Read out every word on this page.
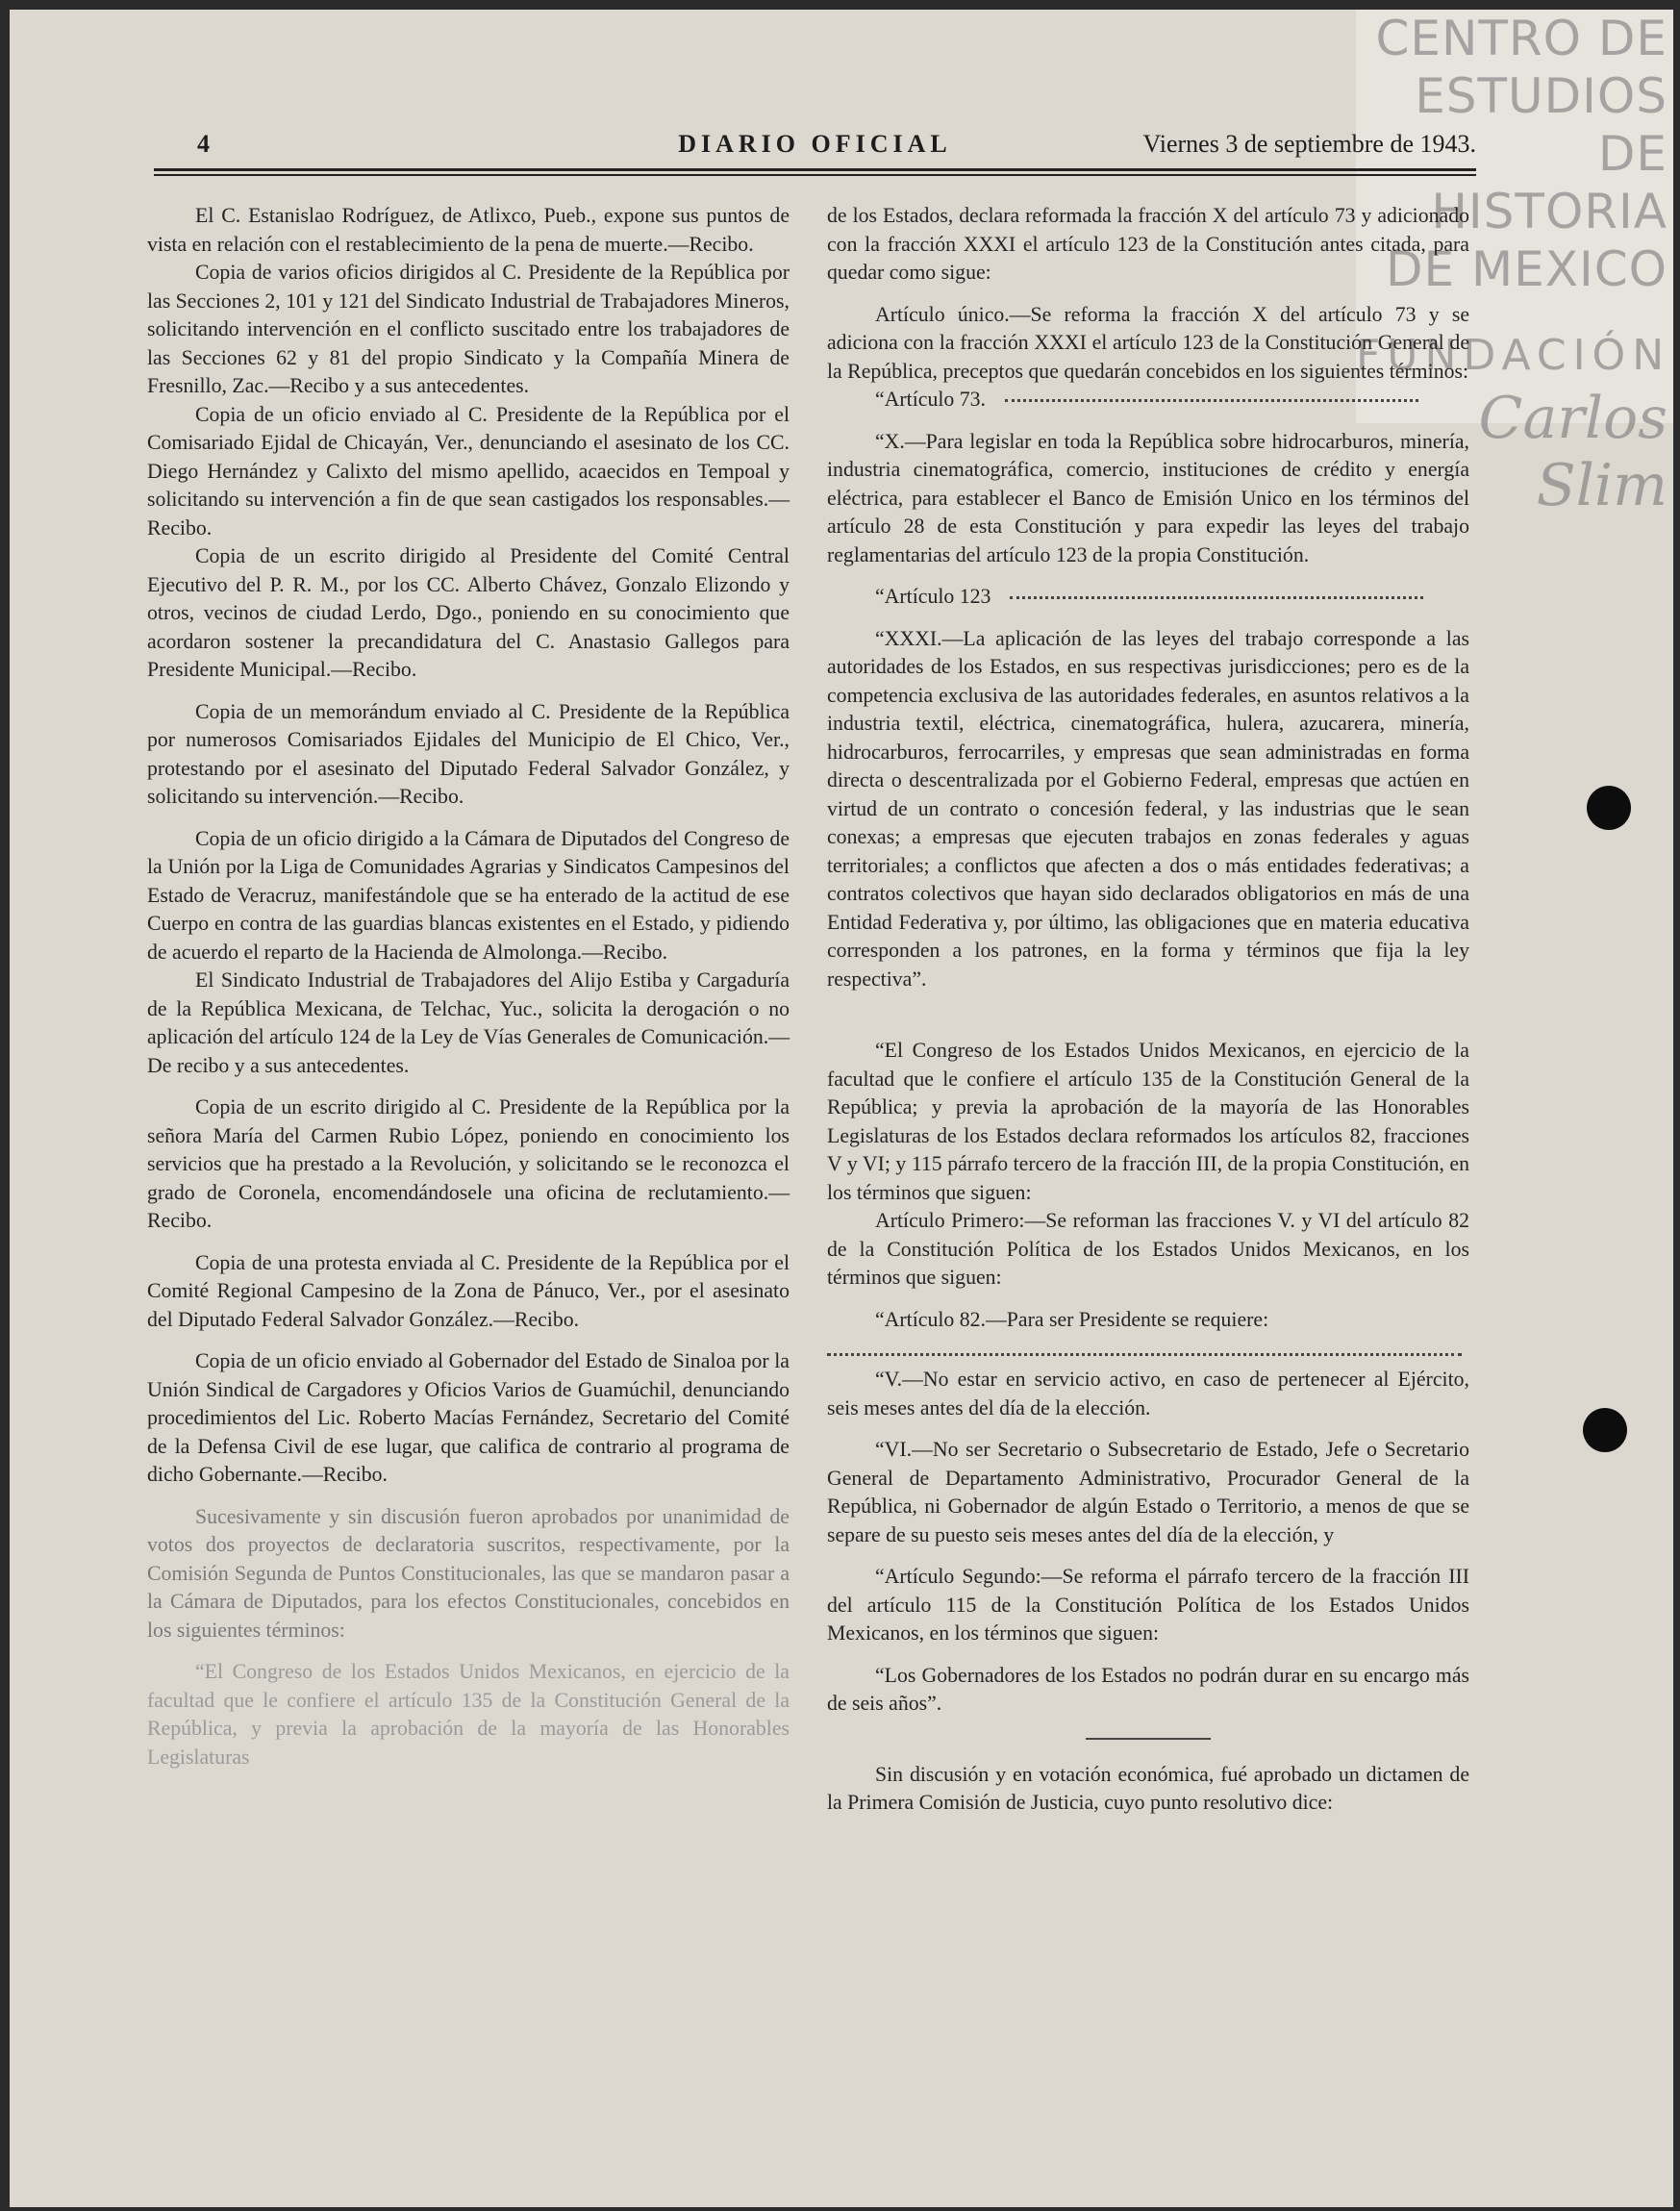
CENTRO DE
ESTUDIOS
DE HISTORIA
DE MEXICO
FUNDACIÓN
Carlos Slim
4	DIARIO OFICIAL	Viernes 3 de septiembre de 1943.

El C. Estanislao Rodríguez, de Atlixco, Pueb., expone sus puntos de vista en relación con el restablecimiento de la pena de muerte.—Recibo.

Copia de varios oficios dirigidos al C. Presidente de la República por las Secciones 2, 101 y 121 del Sindicato Industrial de Trabajadores Mineros, solicitando intervención en el conflicto suscitado entre los trabajadores de las Secciones 62 y 81 del propio Sindicato y la Compañía Minera de Fresnillo, Zac.—Recibo y a sus antecedentes.

Copia de un oficio enviado al C. Presidente de la República por el Comisariado Ejidal de Chicayán, Ver., denunciando el asesinato de los CC. Diego Hernández y Calixto del mismo apellido, acaecidos en Tempoal y solicitando su intervención a fin de que sean castigados los responsables.—Recibo.

Copia de un escrito dirigido al Presidente del Comité Central Ejecutivo del P. R. M., por los CC. Alberto Chávez, Gonzalo Elizondo y otros, vecinos de ciudad Lerdo, Dgo., poniendo en su conocimiento que acordaron sostener la precandidatura del C. Anastasio Gallegos para Presidente Municipal.—Recibo.

Copia de un memorándum enviado al C. Presidente de la República por numerosos Comisariados Ejidales del Municipio de El Chico, Ver., protestando por el asesinato del Diputado Federal Salvador González, y solicitando su intervención.—Recibo.

Copia de un oficio dirigido a la Cámara de Diputados del Congreso de la Unión por la Liga de Comunidades Agrarias y Sindicatos Campesinos del Estado de Veracruz, manifestándole que se ha enterado de la actitud de ese Cuerpo en contra de las guardias blancas existentes en el Estado, y pidiendo de acuerdo el reparto de la Hacienda de Almolonga.—Recibo.

El Sindicato Industrial de Trabajadores del Alijo Estiba y Cargaduría de la República Mexicana, de Telchac, Yuc., solicita la derogación o no aplicación del artículo 124 de la Ley de Vías Generales de Comunicación.—De recibo y a sus antecedentes.

Copia de un escrito dirigido al C. Presidente de la República por la señora María del Carmen Rubio López, poniendo en conocimiento los servicios que ha prestado a la Revolución, y solicitando se le reconozca el grado de Coronela, encomendándosele una oficina de reclutamiento.—Recibo.

Copia de una protesta enviada al C. Presidente de la República por el Comité Regional Campesino de la Zona de Pánuco, Ver., por el asesinato del Diputado Federal Salvador González.—Recibo.

Copia de un oficio enviado al Gobernador del Estado de Sinaloa por la Unión Sindical de Cargadores y Oficios Varios de Guamúchil, denunciando procedimientos del Lic. Roberto Macías Fernández, Secretario del Comité de la Defensa Civil de ese lugar, que califica de contrario al programa de dicho Gobernante.—Recibo.

Sucesivamente y sin discusión fueron aprobados por unanimidad de votos dos proyectos de declaratoria suscritos, respectivamente, por la Comisión Segunda de Puntos Constitucionales, las que se mandaron pasar a la Cámara de Diputados, para los efectos Constitucionales, concebidos en los siguientes términos:

“El Congreso de los Estados Unidos Mexicanos, en ejercicio de la facultad que le confiere el artículo 135 de la Constitución General de la República, y previa la aprobación de la mayoría de las Honorables Legislaturas

de los Estados, declara reformada la fracción X del artículo 73 y adicionado con la fracción XXXI el artículo 123 de la Constitución antes citada, para quedar como sigue:

Artículo único.—Se reforma la fracción X del artículo 73 y se adiciona con la fracción XXXI el artículo 123 de la Constitución General de la República, preceptos que quedarán concebidos en los siguientes términos:

“Artículo 73.

“X.—Para legislar en toda la República sobre hidrocarburos, minería, industria cinematográfica, comercio, instituciones de crédito y energía eléctrica, para establecer el Banco de Emisión Unico en los términos del artículo 28 de esta Constitución y para expedir las leyes del trabajo reglamentarias del artículo 123 de la propia Constitución.

“Artículo 123

“XXXI.—La aplicación de las leyes del trabajo corresponde a las autoridades de los Estados, en sus respectivas jurisdicciones; pero es de la competencia exclusiva de las autoridades federales, en asuntos relativos a la industria textil, eléctrica, cinematográfica, hulera, azucarera, minería, hidrocarburos, ferrocarriles, y empresas que sean administradas en forma directa o descentralizada por el Gobierno Federal, empresas que actúen en virtud de un contrato o concesión federal, y las industrias que le sean conexas; a empresas que ejecuten trabajos en zonas federales y aguas territoriales; a conflictos que afecten a dos o más entidades federativas; a contratos colectivos que hayan sido declarados obligatorios en más de una Entidad Federativa y, por último, las obligaciones que en materia educativa corresponden a los patrones, en la forma y términos que fija la ley respectiva”.

“El Congreso de los Estados Unidos Mexicanos, en ejercicio de la facultad que le confiere el artículo 135 de la Constitución General de la República; y previa la aprobación de la mayoría de las Honorables Legislaturas de los Estados declara reformados los artículos 82, fracciones V y VI; y 115 párrafo tercero de la fracción III, de la propia Constitución, en los términos que siguen:

Artículo Primero:—Se reforman las fracciones V. y VI del artículo 82 de la Constitución Política de los Estados Unidos Mexicanos, en los términos que siguen:

“Artículo 82.—Para ser Presidente se requiere:

“V.—No estar en servicio activo, en caso de pertenecer al Ejército, seis meses antes del día de la elección.

“VI.—No ser Secretario o Subsecretario de Estado, Jefe o Secretario General de Departamento Administrativo, Procurador General de la República, ni Gobernador de algún Estado o Territorio, a menos de que se separe de su puesto seis meses antes del día de la elección, y

“Artículo Segundo:—Se reforma el párrafo tercero de la fracción III del artículo 115 de la Constitución Política de los Estados Unidos Mexicanos, en los términos que siguen:

“Los Gobernadores de los Estados no podrán durar en su encargo más de seis años”.

Sin discusión y en votación económica, fué aprobado un dictamen de la Primera Comisión de Justicia, cuyo punto resolutivo dice:
